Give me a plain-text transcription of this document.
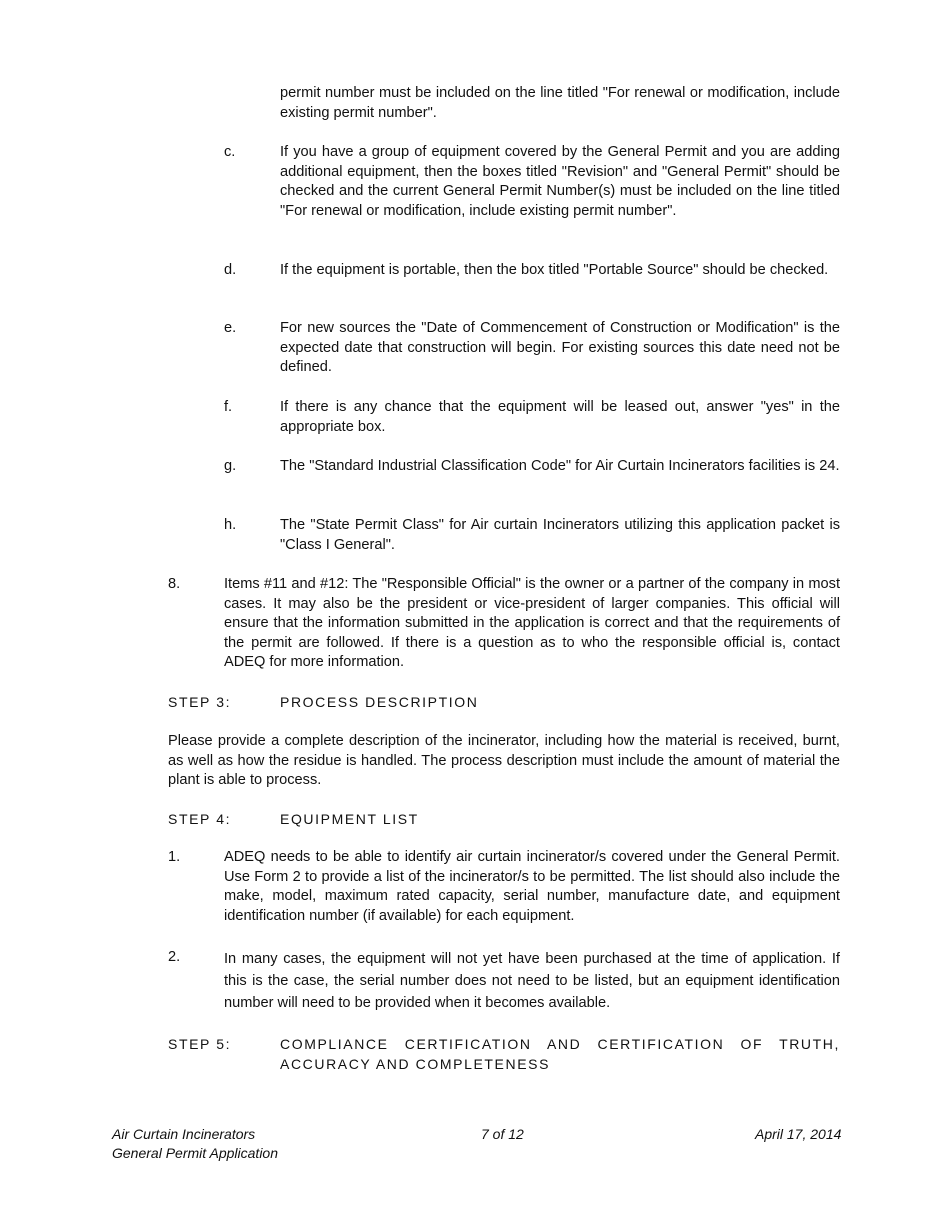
permit number must be included on the line titled "For renewal or modification, include existing permit number".

c.	If you have a group of equipment covered by the General Permit and you are adding additional equipment, then the boxes titled "Revision" and "General Permit" should be checked and the current General Permit Number(s) must be included on the line titled "For renewal or modification, include existing permit number".

d.	If the equipment is portable, then the box titled "Portable Source" should be checked.

e.	For new sources the "Date of Commencement of Construction or Modification" is the expected date that construction will begin. For existing sources this date need not be defined.

f.	If there is any chance that the equipment will be leased out, answer "yes" in the appropriate box.

g.	The "Standard Industrial Classification Code" for Air Curtain Incinerators facilities is 24.

h.	The "State Permit Class" for Air curtain Incinerators utilizing this application packet is "Class I General".

8.	Items #11 and #12: The "Responsible Official" is the owner or a partner of the company in most cases. It may also be the president or vice-president of larger companies. This official will ensure that the information submitted in the application is correct and that the requirements of the permit are followed. If there is a question as to who the responsible official is, contact ADEQ for more information.

STEP 3:	PROCESS DESCRIPTION

Please provide a complete description of the incinerator, including how the material is received, burnt, as well as how the residue is handled. The process description must include the amount of material the plant is able to process.

STEP 4:	EQUIPMENT LIST
1.	ADEQ needs to be able to identify air curtain incinerator/s covered under the General Permit. Use Form 2 to provide a list of the incinerator/s to be permitted. The list should also include the make, model, maximum rated capacity, serial number, manufacture date, and equipment identification number (if available) for each equipment.

2.	In many cases, the equipment will not yet have been purchased at the time of application. If this is the case, the serial number does not need to be listed, but an equipment identification number will need to be provided when it becomes available.

STEP 5:	COMPLIANCE CERTIFICATION AND CERTIFICATION OF TRUTH, ACCURACY AND COMPLETENESS

Air Curtain Incinerators
General Permit Application
7 of 12	April 17, 2014
